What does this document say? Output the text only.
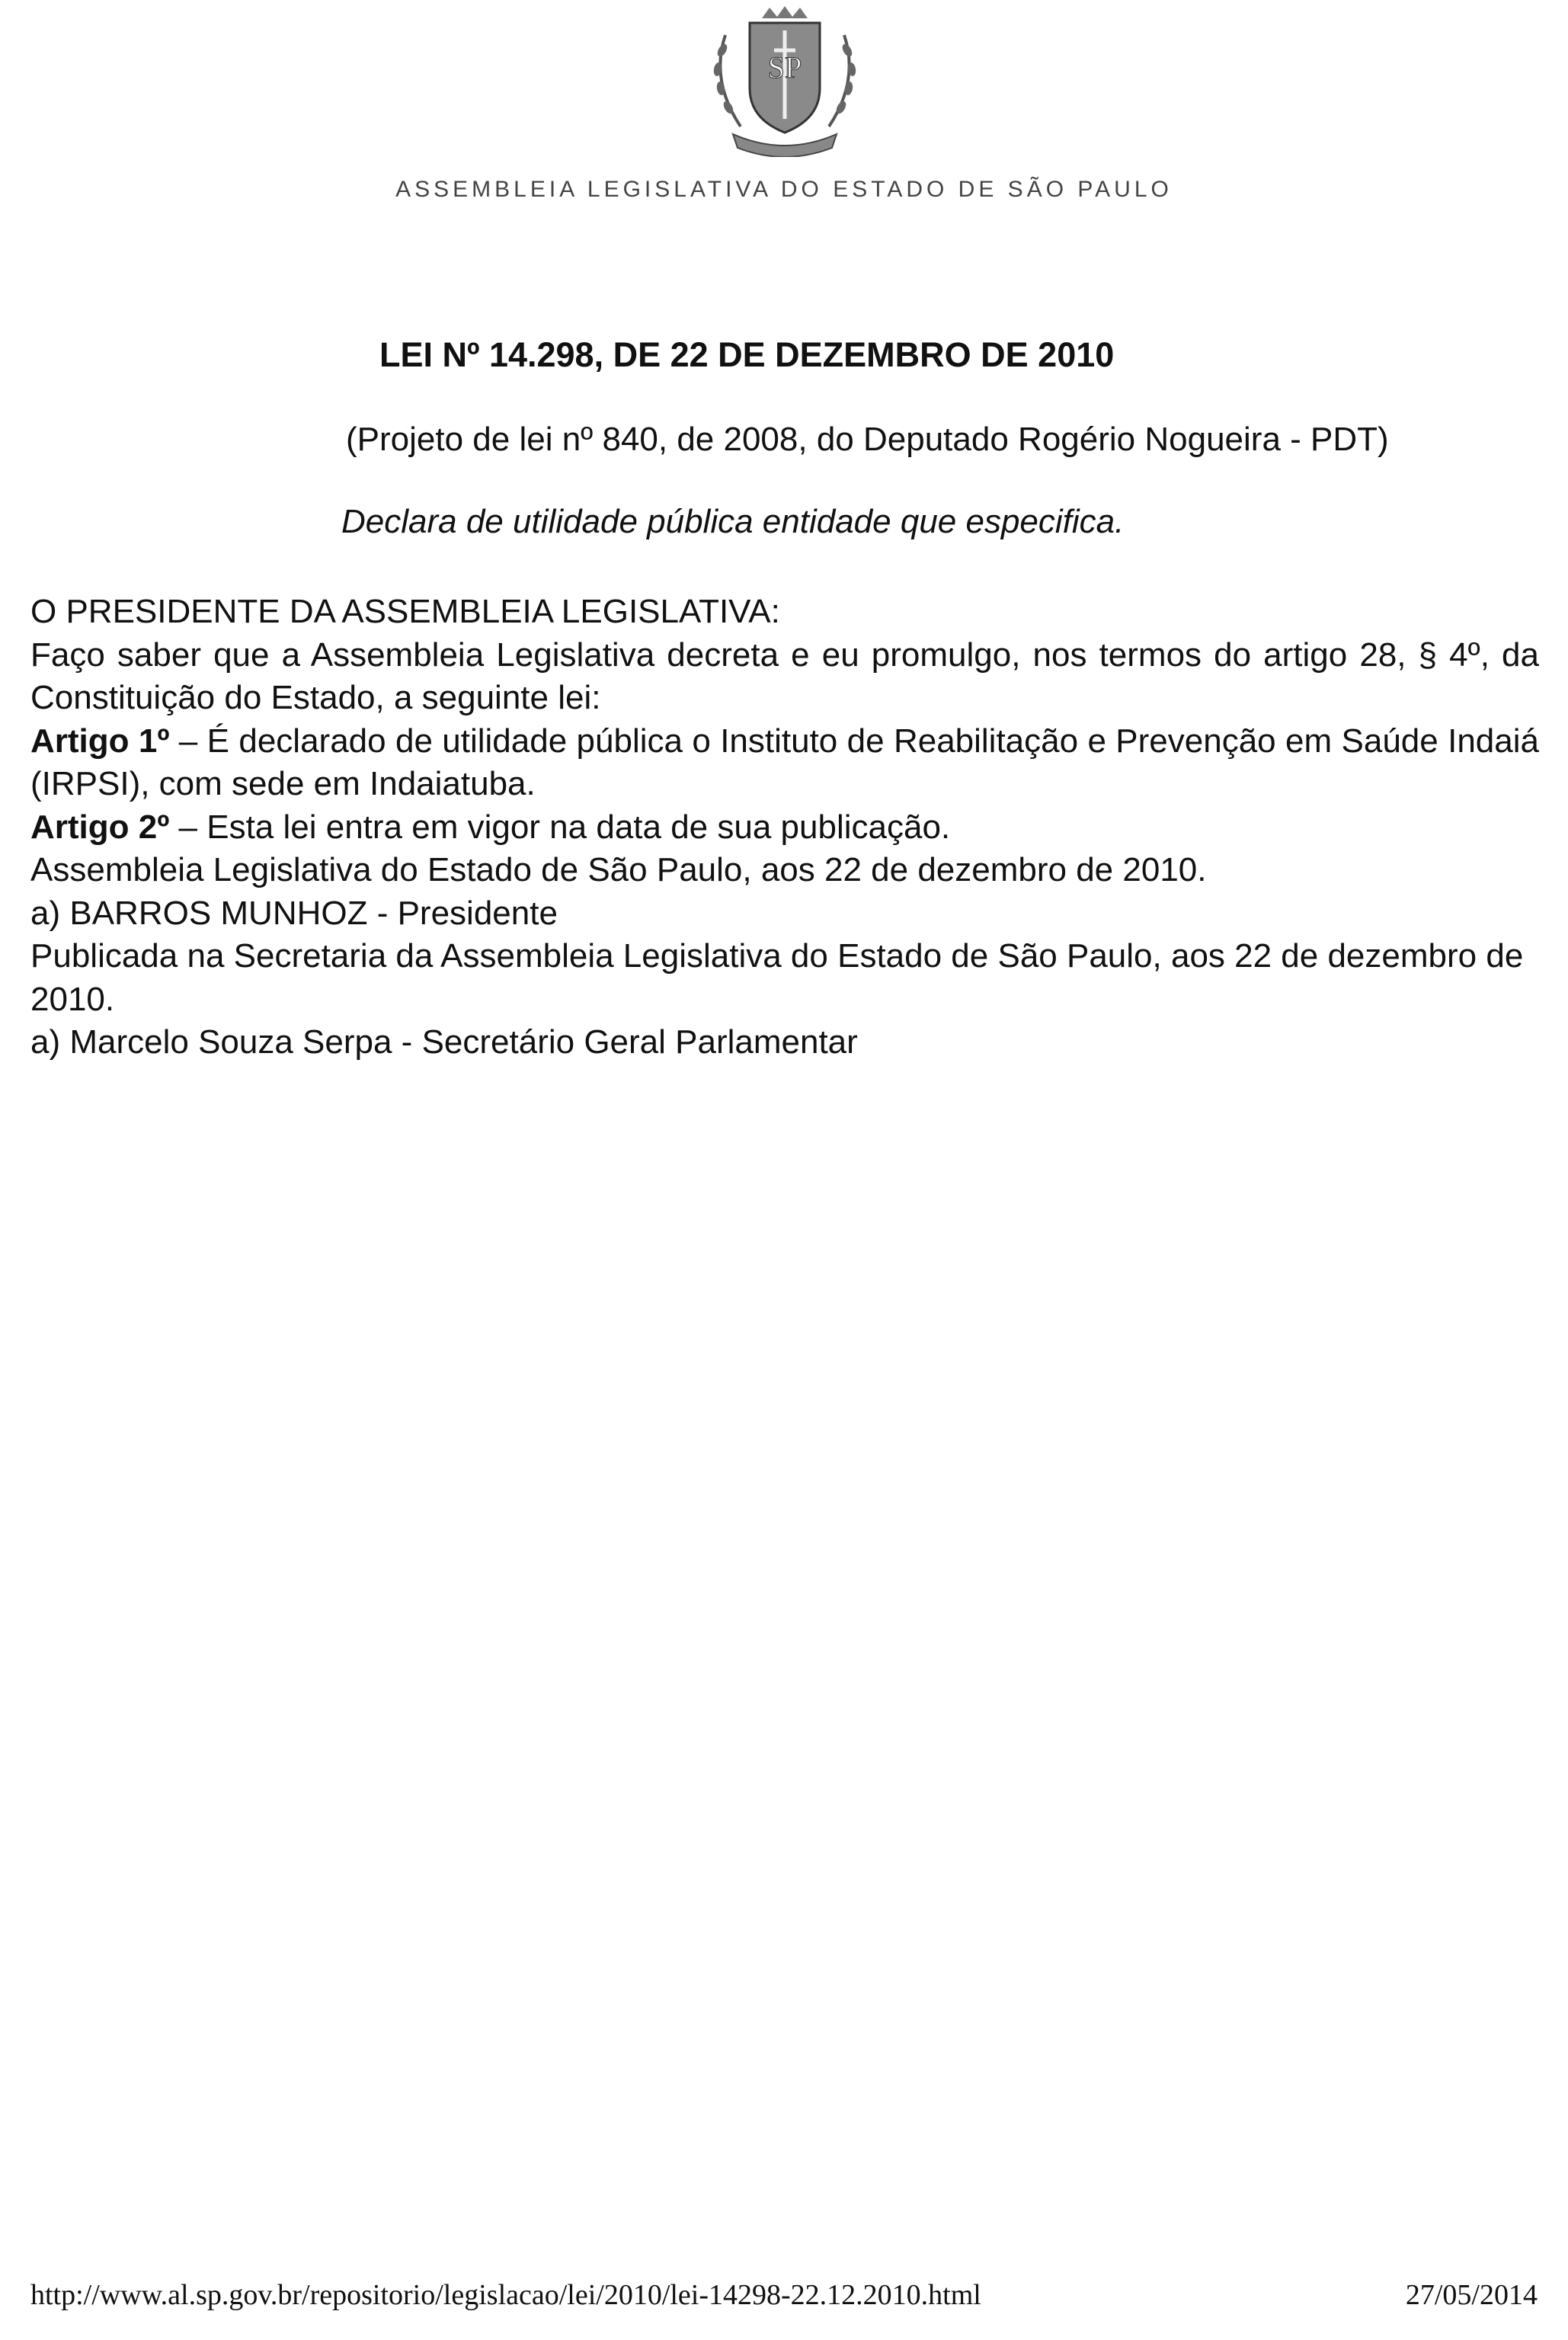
SP
ASSEMBLEIA LEGISLATIVA DO ESTADO DE SÃO PAULO
LEI Nº 14.298, DE 22 DE DEZEMBRO DE 2010
(Projeto de lei nº 840, de 2008, do Deputado Rogério Nogueira - PDT)
Declara de utilidade pública entidade que especifica.

O PRESIDENTE DA ASSEMBLEIA LEGISLATIVA:

Faço saber que a Assembleia Legislativa decreta e eu promulgo, nos termos do artigo 28, § 4º, da Constituição do Estado, a seguinte lei:

Artigo 1º – É declarado de utilidade pública o Instituto de Reabilitação e Prevenção em Saúde Indaiá (IRPSI), com sede em Indaiatuba.

Artigo 2º – Esta lei entra em vigor na data de sua publicação.

Assembleia Legislativa do Estado de São Paulo, aos 22 de dezembro de 2010.

a) BARROS MUNHOZ - Presidente

Publicada na Secretaria da Assembleia Legislativa do Estado de São Paulo, aos 22 de dezembro de 2010.

a) Marcelo Souza Serpa - Secretário Geral Parlamentar

http://www.al.sp.gov.br/repositorio/legislacao/lei/2010/lei-14298-22.12.2010.html	27/05/2014
